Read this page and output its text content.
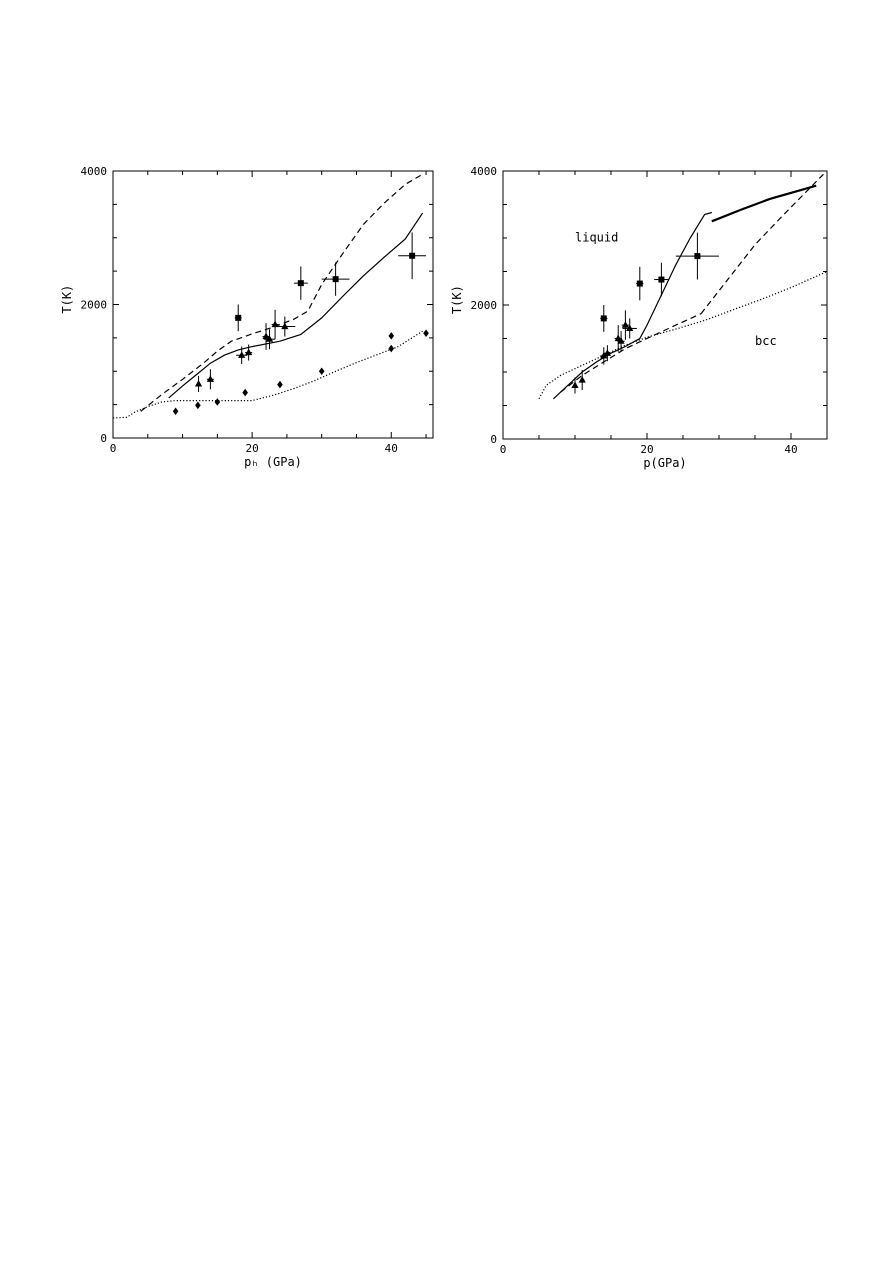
0	20	40
0
2000
4000
pₕ (GPa)
T(K)
0	20	40
0
2000
4000
p(GPa)
T(K)
liquid
bcc
